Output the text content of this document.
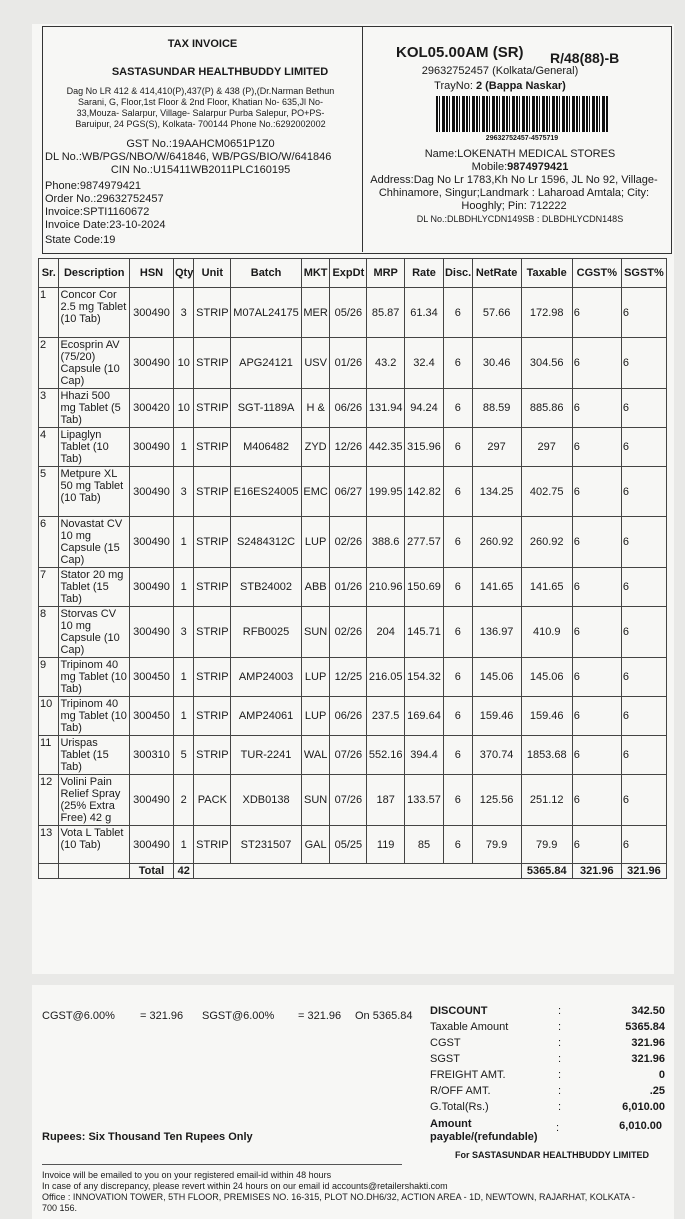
TAX INVOICE
SASTASUNDAR HEALTHBUDDY LIMITED
Dag No LR 412 & 414,410(P),437(P) & 438 (P),(Dr.Narman Bethun
Sarani, G, Floor,1st Floor & 2nd Floor, Khatian No- 635,Jl No-
33,Mouza- Salarpur, Village- Salarpur Purba Salepur, PO+PS-
Baruipur, 24 PGS(S), Kolkata- 700144 Phone No.:6292002002
GST No.:19AAHCM0651P1Z0
DL No.:WB/PGS/NBO/W/641846, WB/PGS/BIO/W/641846
CIN No.:U15411WB2011PLC160195
Phone:9874979421
Order No.:29632752457
Invoice:SPTI1160672
Invoice Date:23-10-2024
State Code:19
KOL05.00AM (SR) R/48(88)-B
29632752457 (Kolkata/General)
TrayNo: 2 (Bappa Naskar)
29632752457-4575719
Name:LOKENATH MEDICAL STORES
Mobile:9874979421
Address:Dag No Lr 1783,Kh No Lr 1596, JL No 92, Village-
Chhinamore, Singur;Landmark : Laharoad Amtala; City:
Hooghly; Pin: 712222
DL No.:DLBDHLYCDN149SB : DLBDHLYCDN148S
Sr.	Description	HSN	Qty	Unit	Batch	MKT	ExpDt	MRP	Rate	Disc.	NetRate	Taxable	CGST%	SGST%
1	Concor Cor 2.5 mg Tablet (10 Tab)	300490	3	STRIP	M07AL24175	MER	05/26	85.87	61.34	6	57.66	172.98	6	6
2	Ecosprin AV (75/20) Capsule (10 Cap)	300490	10	STRIP	APG24121	USV	01/26	43.2	32.4	6	30.46	304.56	6	6
3	Hhazi 500 mg Tablet (5 Tab)	300420	10	STRIP	SGT-1189A	H &	06/26	131.94	94.24	6	88.59	885.86	6	6
4	Lipaglyn Tablet (10 Tab)	300490	1	STRIP	M406482	ZYD	12/26	442.35	315.96	6	297	297	6	6
5	Metpure XL 50 mg Tablet (10 Tab)	300490	3	STRIP	E16ES24005	EMC	06/27	199.95	142.82	6	134.25	402.75	6	6
6	Novastat CV 10 mg Capsule (15 Cap)	300490	1	STRIP	S2484312C	LUP	02/26	388.6	277.57	6	260.92	260.92	6	6
7	Stator 20 mg Tablet (15 Tab)	300490	1	STRIP	STB24002	ABB	01/26	210.96	150.69	6	141.65	141.65	6	6
8	Storvas CV 10 mg Capsule (10 Cap)	300490	3	STRIP	RFB0025	SUN	02/26	204	145.71	6	136.97	410.9	6	6
9	Tripinom 40 mg Tablet (10 Tab)	300450	1	STRIP	AMP24003	LUP	12/25	216.05	154.32	6	145.06	145.06	6	6
10	Tripinom 40 mg Tablet (10 Tab)	300450	1	STRIP	AMP24061	LUP	06/26	237.5	169.64	6	159.46	159.46	6	6
11	Urispas Tablet (15 Tab)	300310	5	STRIP	TUR-2241	WAL	07/26	552.16	394.4	6	370.74	1853.68	6	6
12	Volini Pain Relief Spray (25% Extra Free) 42 g	300490	2	PACK	XDB0138	SUN	07/26	187	133.57	6	125.56	251.12	6	6
13	Vota L Tablet (10 Tab)	300490	1	STRIP	ST231507	GAL	05/25	119	85	6	79.9	79.9	6	6
		Total	42									5365.84	321.96	321.96
CGST@6.00% = 321.96 SGST@6.00% = 321.96 On 5365.84 DISCOUNT	:	342.50
Taxable Amount	:	5365.84
CGST	:	321.96
SGST	:	321.96
FREIGHT AMT.	:	0
R/OFF AMT.	:	.25
G.Total(Rs.)	:	6,010.00
Amount
payable/(refundable)
:	6,010.00
Rupees: Six Thousand Ten Rupees Only
For SASTASUNDAR HEALTHBUDDY LIMITED
Invoice will be emailed to you on your registered email-id within 48 hours
In case of any discrepancy, please revert within 24 hours on our email id accounts@retailershakti.com
Office : INNOVATION TOWER, 5TH FLOOR, PREMISES NO. 16-315, PLOT NO.DH6/32, ACTION AREA - 1D, NEWTOWN, RAJARHAT, KOLKATA -
700 156.
